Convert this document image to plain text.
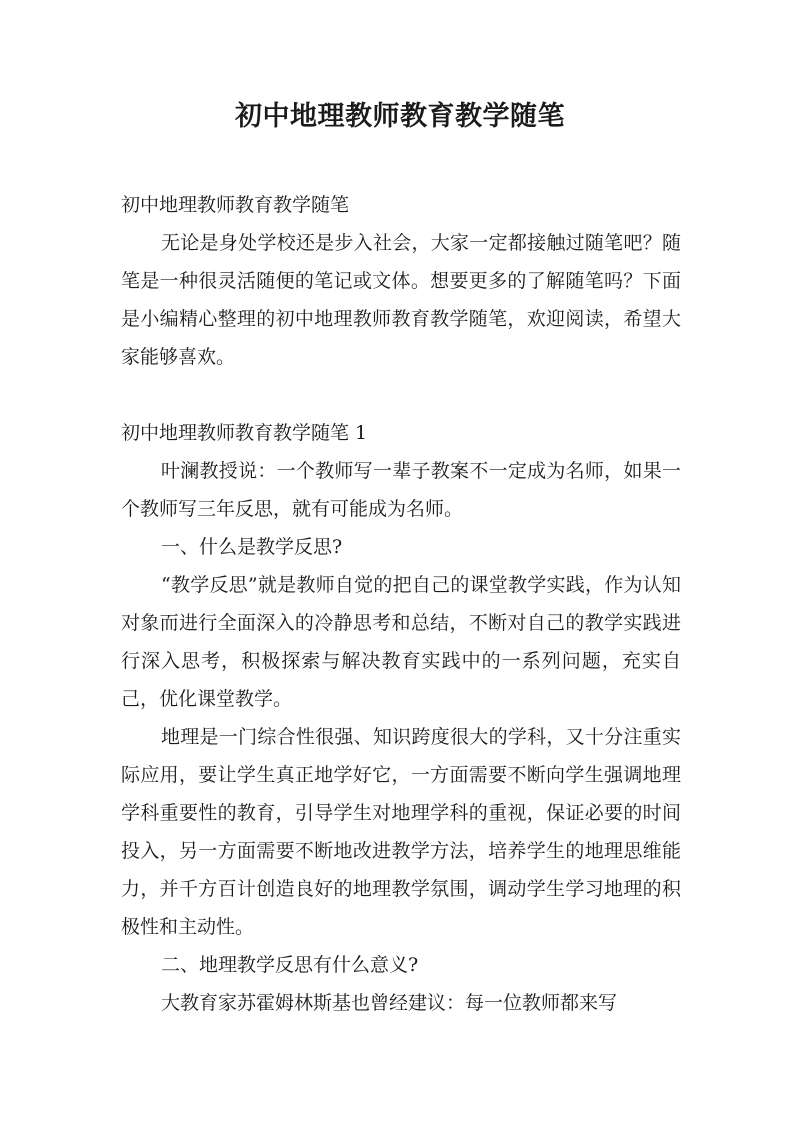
初中地理教师教育教学随笔

初中地理教师教育教学随笔

无论是身处学校还是步入社会，大家一定都接触过随笔吧？随笔是一种很灵活随便的笔记或文体。想要更多的了解随笔吗？下面是小编精心整理的初中地理教师教育教学随笔，欢迎阅读，希望大家能够喜欢。

初中地理教师教育教学随笔 1

叶澜教授说：一个教师写一辈子教案不一定成为名师，如果一个教师写三年反思，就有可能成为名师。

一、什么是教学反思?

“教学反思”就是教师自觉的把自己的课堂教学实践，作为认知对象而进行全面深入的冷静思考和总结，不断对自己的教学实践进行深入思考，积极探索与解决教育实践中的一系列问题，充实自己，优化课堂教学。

地理是一门综合性很强、知识跨度很大的学科，又十分注重实际应用，要让学生真正地学好它，一方面需要不断向学生强调地理学科重要性的教育，引导学生对地理学科的重视，保证必要的时间投入，另一方面需要不断地改进教学方法，培养学生的地理思维能力，并千方百计创造良好的地理教学氛围，调动学生学习地理的积极性和主动性。

二、地理教学反思有什么意义?

大教育家苏霍姆林斯基也曾经建议：每一位教师都来写
